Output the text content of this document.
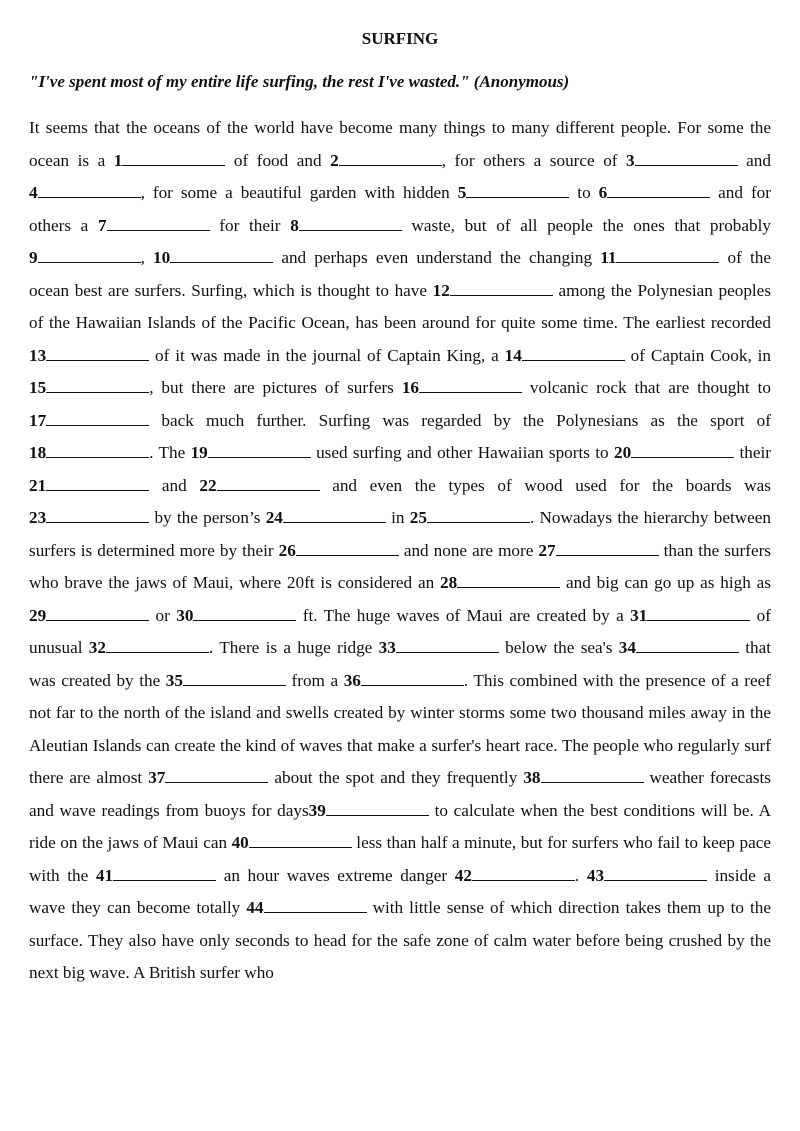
SURFING
"I've spent most of my entire life surfing, the rest I've wasted." (Anonymous)

It seems that the oceans of the world have become many things to many different people. For some the ocean is a 1	of food and 2	, for others a source of 3	and 4	, for some a beautiful garden with hidden 5	to 6	and for others a 7	for their 8	waste, but of all people the ones that probably 9	, 10	and perhaps even understand the changing 11	of the ocean best are surfers. Surfing, which is thought to have 12	among the Polynesian peoples of the Hawaiian Islands of the Pacific Ocean, has been around for quite some time. The earliest recorded 13	of it was made in the journal of Captain King, a 14	of Captain Cook, in 15	, but there are pictures of surfers 16	volcanic rock that are thought to 17	back much further. Surfing was regarded by the Polynesians as the sport of 18	. The 19	used surfing and other Hawaiian sports to 20	their 21	and 22	and even the types of wood used for the boards was 23	by the person’s 24	in 25	. Nowadays the hierarchy between surfers is determined more by their 26	and none are more 27	than the surfers who brave the jaws of Maui, where 20ft is considered an 28	and big can go up as high as 29	or 30	ft. The huge waves of Maui are created by a 31	of unusual 32	. There is a huge ridge 33	below the sea's 34	that was created by the 35	from a 36	. This combined with the presence of a reef not far to the north of the island and swells created by winter storms some two thousand miles away in the Aleutian Islands can create the kind of waves that make a surfer's heart race. The people who regularly surf there are almost 37	about the spot and they frequently 38	weather forecasts and wave readings from buoys for days39	to calculate when the best conditions will be. A ride on the jaws of Maui can 40	less than half a minute, but for surfers who fail to keep pace with the 41	an hour waves extreme danger 42	. 43	inside a wave they can become totally 44	with little sense of which direction takes them up to the surface. They also have only seconds to head for the safe zone of calm water before being crushed by the next big wave. A British surfer who
